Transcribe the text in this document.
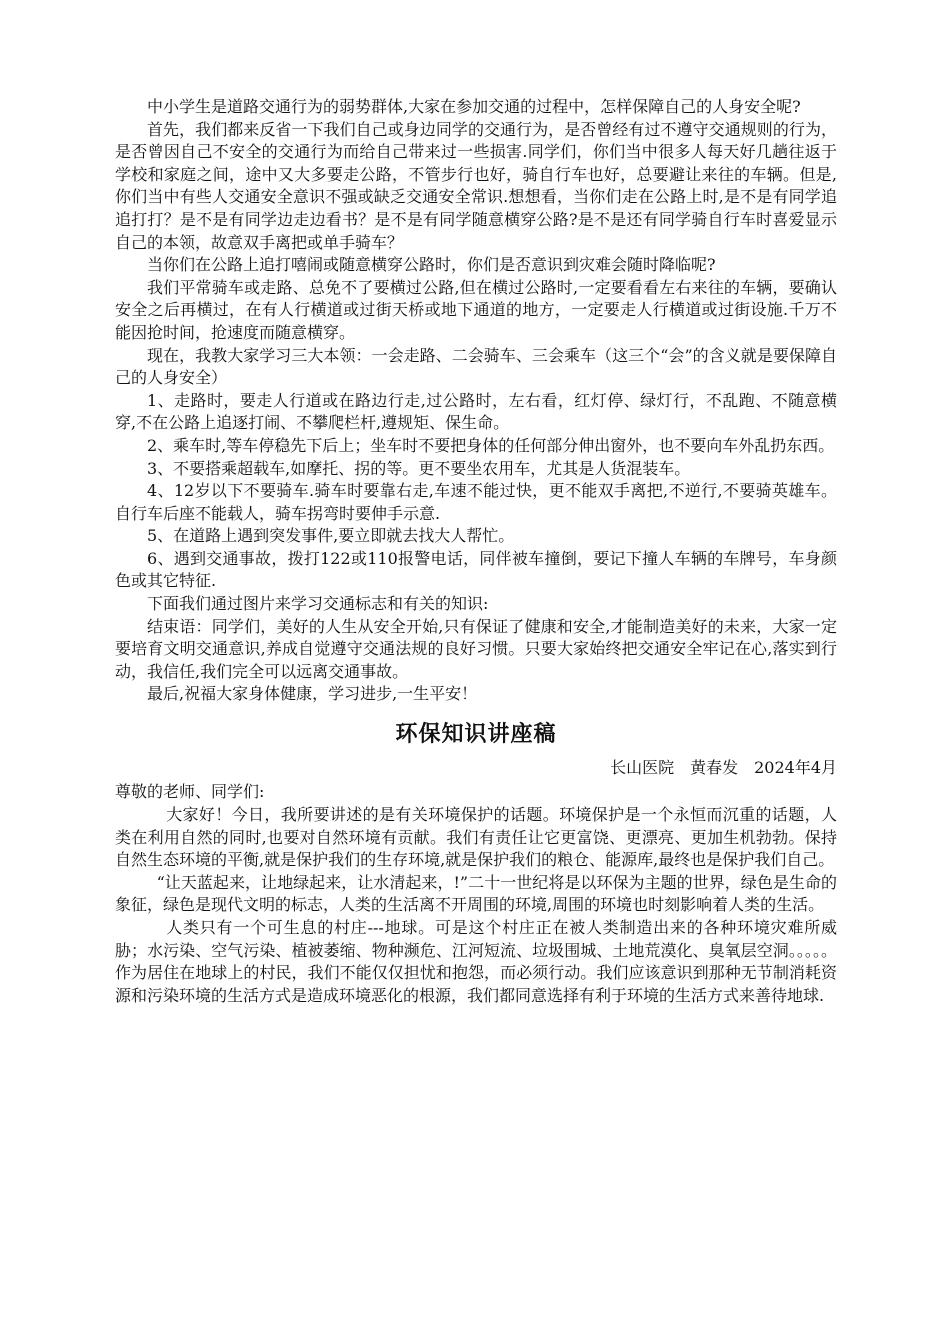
中小学生是道路交通行为的弱势群体,大家在参加交通的过程中，怎样保障自己的人身安全呢?

首先，我们都来反省一下我们自己或身边同学的交通行为，是否曾经有过不遵守交通规则的行为，是否曾因自己不安全的交通行为而给自己带来过一些损害.同学们，你们当中很多人每天好几趟往返于学校和家庭之间，途中又大多要走公路，不管步行也好，骑自行车也好，总要避让来往的车辆。但是,你们当中有些人交通安全意识不强或缺乏交通安全常识.想想看，当你们走在公路上时,是不是有同学追追打打？是不是有同学边走边看书？是不是有同学随意横穿公路?是不是还有同学骑自行车时喜爱显示自己的本领，故意双手离把或单手骑车？

当你们在公路上追打嘻闹或随意横穿公路时，你们是否意识到灾难会随时降临呢?

我们平常骑车或走路、总免不了要横过公路,但在横过公路时,一定要看看左右来往的车辆，要确认安全之后再横过，在有人行横道或过街天桥或地下通道的地方，一定要走人行横道或过街设施.千万不能因抢时间，抢速度而随意横穿。

现在，我教大家学习三大本领：一会走路、二会骑车、三会乘车（这三个“会”的含义就是要保障自己的人身安全）

1、走路时，要走人行道或在路边行走,过公路时，左右看，红灯停、绿灯行，不乱跑、不随意横穿,不在公路上追逐打闹、不攀爬栏杆,遵规矩、保生命。

2、乘车时,等车停稳先下后上；坐车时不要把身体的任何部分伸出窗外，也不要向车外乱扔东西。

3、不要搭乘超载车,如摩托、拐的等。更不要坐农用车，尤其是人货混装车。

4、12岁以下不要骑车.骑车时要靠右走,车速不能过快，更不能双手离把,不逆行,不要骑英雄车。自行车后座不能载人，骑车拐弯时要伸手示意.

5、在道路上遇到突发事件,要立即就去找大人帮忙。

6、遇到交通事故，拨打122或110报警电话，同伴被车撞倒，要记下撞人车辆的车牌号，车身颜色或其它特征.

下面我们通过图片来学习交通标志和有关的知识:

结束语：同学们，美好的人生从安全开始,只有保证了健康和安全,才能制造美好的未来，大家一定要培育文明交通意识,养成自觉遵守交通法规的良好习惯。只要大家始终把交通安全牢记在心,落实到行动，我信任,我们完全可以远离交通事故。

最后,祝福大家身体健康，学习进步,一生平安！

环保知识讲座稿

长山医院　黄春发　2024年4月

尊敬的老师、同学们:

大家好！今日，我所要讲述的是有关环境保护的话题。环境保护是一个永恒而沉重的话题，人类在利用自然的同时,也要对自然环境有贡献。我们有责任让它更富饶、更漂亮、更加生机勃勃。保持自然生态环境的平衡,就是保护我们的生存环境,就是保护我们的粮仓、能源库,最终也是保护我们自己。

“让天蓝起来，让地绿起来，让水清起来，!”二十一世纪将是以环保为主题的世界，绿色是生命的象征，绿色是现代文明的标志，人类的生活离不开周围的环境,周围的环境也时刻影响着人类的生活。

人类只有一个可生息的村庄---地球。可是这个村庄正在被人类制造出来的各种环境灾难所威胁；水污染、空气污染、植被萎缩、物种濒危、江河短流、垃圾围城、土地荒漠化、臭氧层空洞。。。。。作为居住在地球上的村民，我们不能仅仅担忧和抱怨，而必须行动。我们应该意识到那种无节制消耗资源和污染环境的生活方式是造成环境恶化的根源，我们都同意选择有利于环境的生活方式来善待地球.
